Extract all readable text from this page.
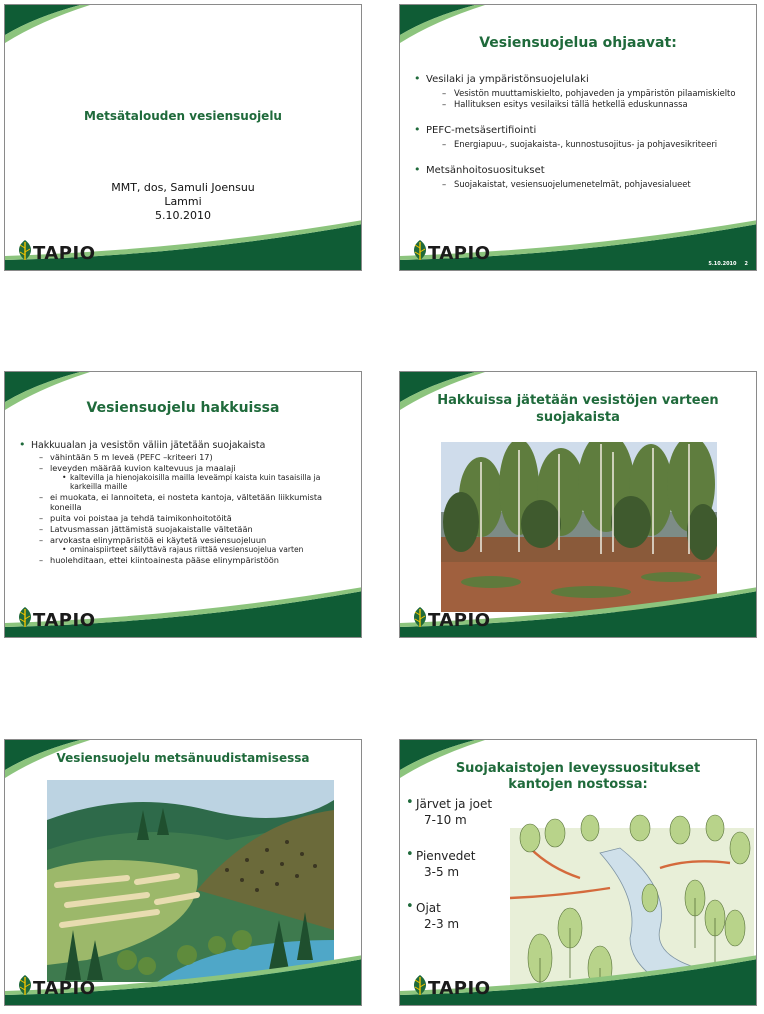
Metsätalouden vesiensuojelu
MMT, dos, Samuli Joensuu
Lammi
5.10.2010
TAPIO
Vesiensuojelua ohjaavat:
• Vesilaki ja ympäristönsuojelulaki
– Vesistön muuttamiskielto, pohjaveden ja ympäristön pilaamiskielto
– Hallituksen esitys vesilaiksi tällä hetkellä eduskunnassa
• PEFC-metsäsertifiointi
– Energiapuu-, suojakaista-, kunnostusojitus- ja pohjavesikriteeri
• Metsänhoitosuositukset
– Suojakaistat, vesiensuojelumenetelmät, pohjavesialueet
TAPIO	5.10.2010 2
Vesiensuojelu hakkuissa
• Hakkuualan ja vesistön väliin jätetään suojakaista
– vähintään 5 m leveä (PEFC –kriteeri 17)
– leveyden määrää kuvion kaltevuus ja maalaji
• kaltevilla ja hienojakoisilla mailla leveämpi kaista kuin tasaisilla ja karkeilla maille
– ei muokata, ei lannoiteta, ei nosteta kantoja, vältetään liikkumista koneilla
– puita voi poistaa ja tehdä taimikonhoitotöitä
– Latvusmassan jättämistä suojakaistalle vältetään
– arvokasta elinympäristöä ei käytetä vesiensuojeluun
• ominaispiirteet säilyttävä rajaus riittää vesiensuojelua varten
– huolehditaan, ettei kiintoainesta pääse elinympäristöön
TAPIO
Hakkuissa jätetään vesistöjen varteen
suojakaista
TAPIO
Vesiensuojelu metsänuudistamisessa
TAPIO
Suojakaistojen leveyssuositukset
kantojen nostossa:
• Järvet ja joet
7-10 m
• Pienvedet
3-5 m
• Ojat
2-3 m
TAPIO
